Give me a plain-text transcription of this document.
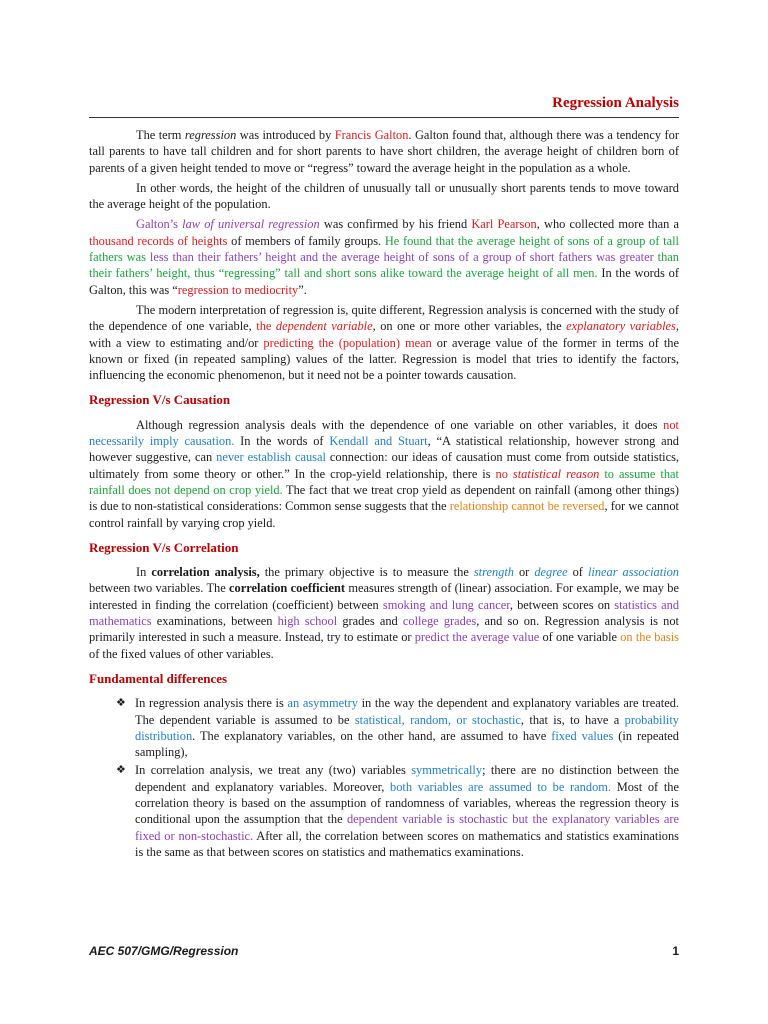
Regression Analysis

The term regression was introduced by Francis Galton. Galton found that, although there was a tendency for tall parents to have tall children and for short parents to have short children, the average height of children born of parents of a given height tended to move or “regress” toward the average height in the population as a whole.

In other words, the height of the children of unusually tall or unusually short parents tends to move toward the average height of the population.

Galton’s law of universal regression was confirmed by his friend Karl Pearson, who collected more than a thousand records of heights of members of family groups. He found that the average height of sons of a group of tall fathers was less than their fathers’ height and the average height of sons of a group of short fathers was greater than their fathers’ height, thus “regressing” tall and short sons alike toward the average height of all men. In the words of Galton, this was “regression to mediocrity”.

The modern interpretation of regression is, quite different, Regression analysis is concerned with the study of the dependence of one variable, the dependent variable, on one or more other variables, the explanatory variables, with a view to estimating and/or predicting the (population) mean or average value of the former in terms of the known or fixed (in repeated sampling) values of the latter. Regression is model that tries to identify the factors, influencing the economic phenomenon, but it need not be a pointer towards causation.

Regression V/s Causation

Although regression analysis deals with the dependence of one variable on other variables, it does not necessarily imply causation. In the words of Kendall and Stuart, “A statistical relationship, however strong and however suggestive, can never establish causal connection: our ideas of causation must come from outside statistics, ultimately from some theory or other.” In the crop-yield relationship, there is no statistical reason to assume that rainfall does not depend on crop yield. The fact that we treat crop yield as dependent on rainfall (among other things) is due to non-statistical considerations: Common sense suggests that the relationship cannot be reversed, for we cannot control rainfall by varying crop yield.

Regression V/s Correlation

In correlation analysis, the primary objective is to measure the strength or degree of linear association between two variables. The correlation coefficient measures strength of (linear) association. For example, we may be interested in finding the correlation (coefficient) between smoking and lung cancer, between scores on statistics and mathematics examinations, between high school grades and college grades, and so on. Regression analysis is not primarily interested in such a measure. Instead, try to estimate or predict the average value of one variable on the basis of the fixed values of other variables.

Fundamental differences
❖ In regression analysis there is an asymmetry in the way the dependent and explanatory variables are treated. The dependent variable is assumed to be statistical, random, or stochastic, that is, to have a probability distribution. The explanatory variables, on the other hand, are assumed to have fixed values (in repeated sampling),
❖ In correlation analysis, we treat any (two) variables symmetrically; there are no distinction between the dependent and explanatory variables. Moreover, both variables are assumed to be random. Most of the correlation theory is based on the assumption of randomness of variables, whereas the regression theory is conditional upon the assumption that the dependent variable is stochastic but the explanatory variables are fixed or non-stochastic. After all, the correlation between scores on mathematics and statistics examinations is the same as that between scores on statistics and mathematics examinations.
AEC 507/GMG/Regression	1
